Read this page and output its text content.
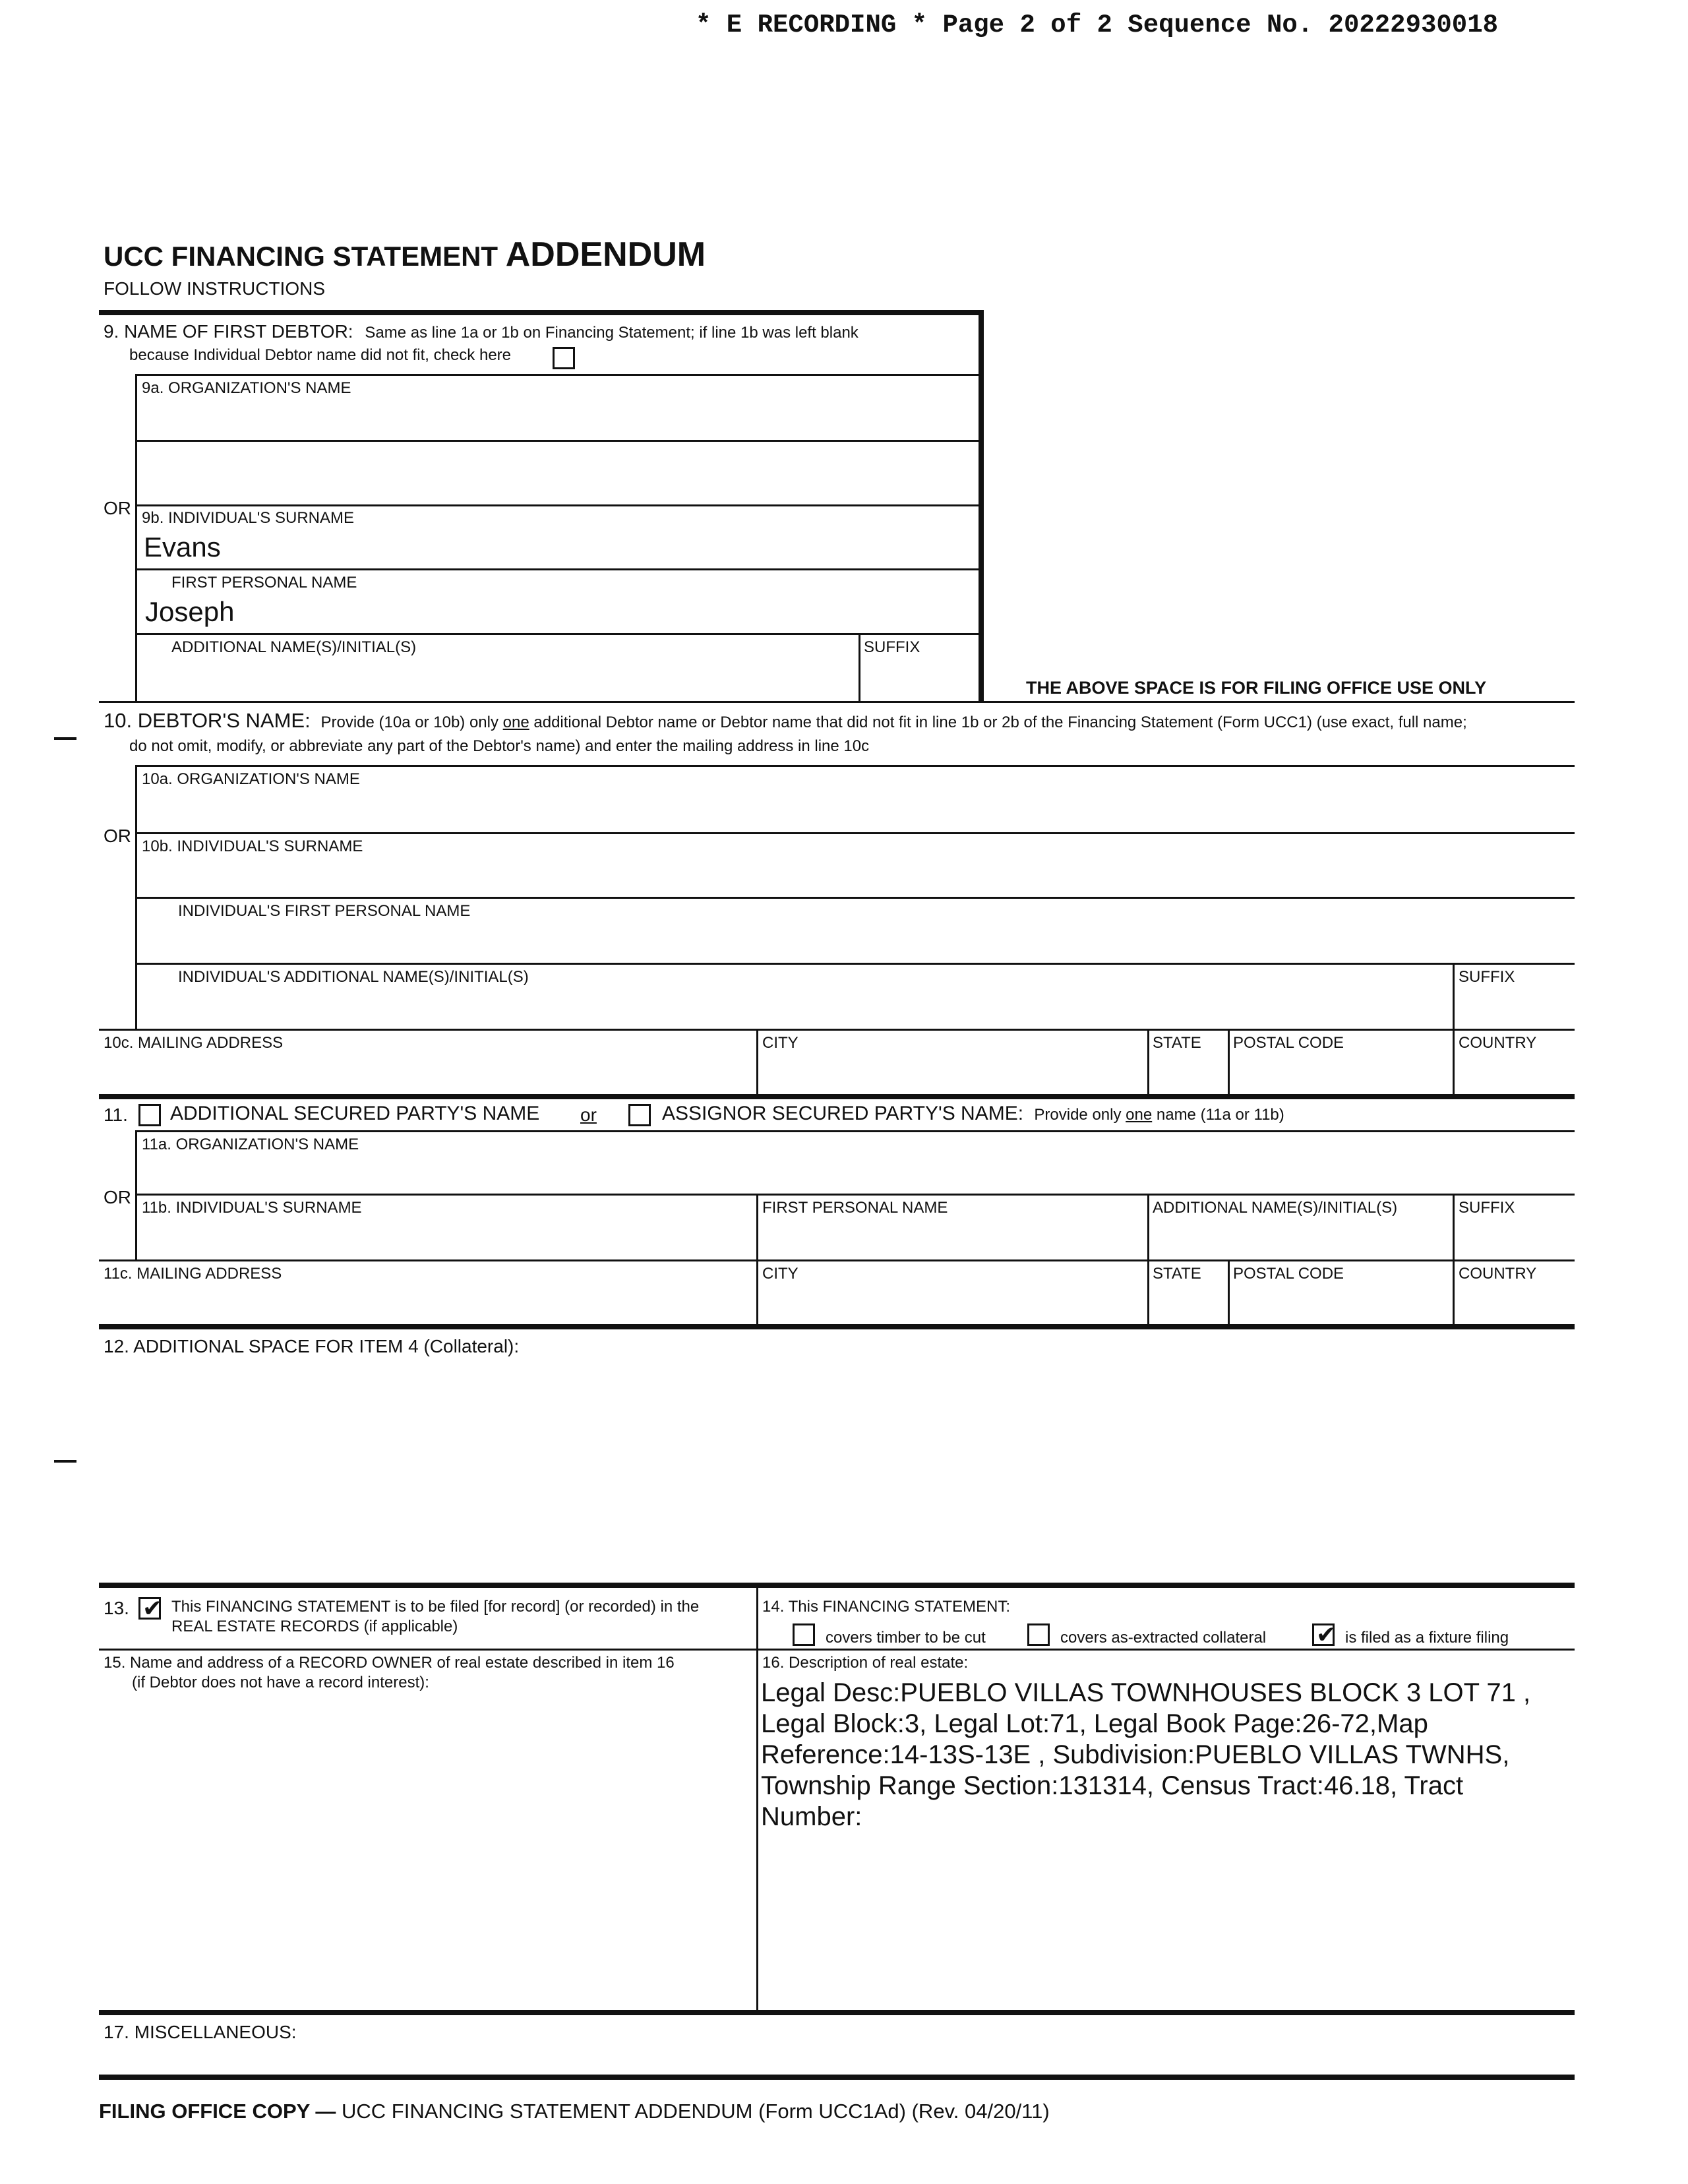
* E RECORDING * Page 2 of 2 Sequence No. 20222930018
UCC FINANCING STATEMENT ADDENDUM
FOLLOW INSTRUCTIONS
9. NAME OF FIRST DEBTOR: Same as line 1a or 1b on Financing Statement; if line 1b was left blank
because Individual Debtor name did not fit, check here
9a. ORGANIZATION'S NAME
OR 9b. INDIVIDUAL'S SURNAME
Evans
FIRST PERSONAL NAME
Joseph
ADDITIONAL NAME(S)/INITIAL(S)	SUFFIX
THE ABOVE SPACE IS FOR FILING OFFICE USE ONLY
10. DEBTOR'S NAME: Provide (10a or 10b) only one additional Debtor name or Debtor name that did not fit in line 1b or 2b of the Financing Statement (Form UCC1) (use exact, full name;
do not omit, modify, or abbreviate any part of the Debtor's name) and enter the mailing address in line 10c
10a. ORGANIZATION'S NAME
OR
10b. INDIVIDUAL'S SURNAME
INDIVIDUAL'S FIRST PERSONAL NAME
INDIVIDUAL'S ADDITIONAL NAME(S)/INITIAL(S)	SUFFIX
10c. MAILING ADDRESS	CITY	STATE POSTAL CODE	COUNTRY
11. ADDITIONAL SECURED PARTY'S NAME or	ASSIGNOR SECURED PARTY'S NAME: Provide only one name (11a or 11b)
11a. ORGANIZATION'S NAME
OR
11b. INDIVIDUAL'S SURNAME	FIRST PERSONAL NAME	ADDITIONAL NAME(S)/INITIAL(S)	SUFFIX
11c. MAILING ADDRESS	CITY	STATE POSTAL CODE	COUNTRY
12. ADDITIONAL SPACE FOR ITEM 4 (Collateral):
13. ✔ This FINANCING STATEMENT is to be filed [for record] (or recorded) in the
REAL ESTATE RECORDS (if applicable)
14. This FINANCING STATEMENT:
covers timber to be cut	covers as-extracted collateral ✔ is filed as a fixture filing
15. Name and address of a RECORD OWNER of real estate described in item 16
(if Debtor does not have a record interest):
16. Description of real estate:
Legal Desc:PUEBLO VILLAS TOWNHOUSES BLOCK 3 LOT 71 ,
Legal Block:3, Legal Lot:71, Legal Book Page:26-72,Map
Reference:14-13S-13E , Subdivision:PUEBLO VILLAS TWNHS,
Township Range Section:131314, Census Tract:46.18, Tract
Number:
17. MISCELLANEOUS:
FILING OFFICE COPY — UCC FINANCING STATEMENT ADDENDUM (Form UCC1Ad) (Rev. 04/20/11)
